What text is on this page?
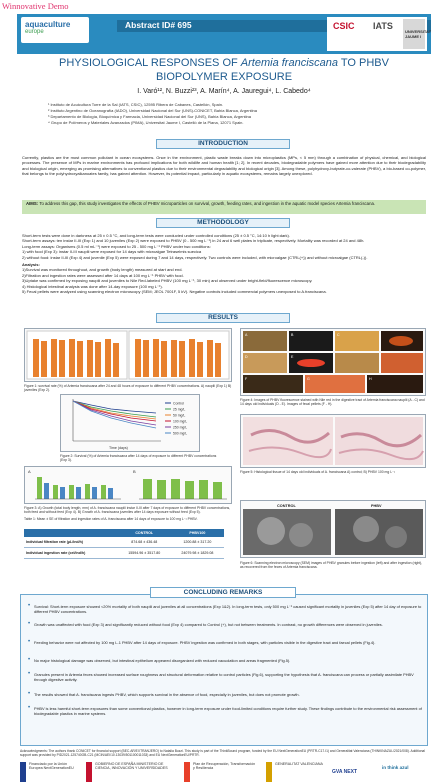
Winnovative Demo
aquaculture
europe
Abstract ID# 695	CSIC IATS
UNIVERSITAT JAUME I
PHYSIOLOGICAL RESPONSES OF Artemia franciscana TO PHBV BIOPOLYMER EXPOSURE
I. Varó¹², N. Buzzi²³, A. Marín⁴, A. Jauregui⁴, L. Cabedo⁴
¹ Instituto de Acuicultura Torre de la Sal (IATS, CSIC), 12595 Ribera de Cabanes, Castellón, Spain.
² Instituto Argentino de Oceanografía (IADO), Universidad Nacional del Sur (UNS)-CONICET, Bahía Blanca, Argentina
³ Departamento de Biología, Bioquímica y Farmacia, Universidad Nacional del Sur (UNS), Bahía Blanca, Argentina
⁴ Grupo de Polímeros y Materiales Avanzados (PIMA), Universitat Jaume I, Castelló de la Plana, 12071 Spain.
INTRODUCTION
Currently, plastics are the most common pollutant in ocean ecosystems. Once in the environment, plastic waste breaks down into microplastics (MPs, < 5 mm) through a combination of physical, chemical, and biological processes. The presence of MPs in marine environments has profound implications for both wildlife and human health [1; 2]. In recent decades, biodegradable polymers have gained more attention due to their biodegradability and biological origin, emerging as promising alternatives to conventional plastics due to their environmental degradability and biological origin [3]. Among these, polyhydroxy-butyrate-co-valerate (PHBV), a bio-based co-polymer, that belongs to the polyhydroxyalkanoates family, has gained attention. However, its potential impact, particularly in aquatic ecosystems, remains largely unexplored.
AIMS: To address this gap, this study investigates the effects of PHBV microparticles on survival, growth, feeding rates, and ingestion in the aquatic model species Artemia franciscana.
METHODOLOGY
Short-term tests were done in darkness at 25 ± 0.5 °C, and long-term tests were conducted under controlled conditions (25 ± 0.5 °C, 14:10 h light:dark).
Short-term assays: ten instar II-III (Exp 1) and 10 juveniles (Exp 2) were exposed to PHBV (0 - 500 mg L⁻¹) in 24 and 6 well plates in triplicate, respectively. Mortality was recorded at 24 and 48h.
Long-term assays: Organisms (0.5 ml mL⁻¹) were exposed to 25 - 500 mg L⁻¹ PHBV under two conditions:
1) with food (Exp 3): instar II-III nauplii were exposed for 14 days with microalgae Tetraselmis suecica
2) without food: instar II-III (Exp 4) and juvenile (Exp 5) were exposed during 7 and 14 days, respectively. Two controls were included, with microalgae (CTRL(+)) and without microalgae (CTRL(-)).
Analysis:
1)Survival was monitored throughout, and growth (body length) measured at start and end.
2)Filtration and ingestion rates were assessed after 14 days at 100 mg L⁻¹ PHBV with food.
3)Uptake was confirmed by exposing nauplii and juveniles to Nile Red-labeled PHBV (100 mg L⁻¹, 30 min) and observed under bright-field/fluorescence microscopy.
4) Histological intestinal analysis was done after 14-day exposure (100 mg L⁻¹).
5) Fecal pellets were analyzed using scanning electron microscopy (SEM; JEOL 7001F, 5 kV). Negative controls included commercial polymers unexposed to A.franciscana.
RESULTS
Figure 1: survival rate (%) of Artemia franciscana after 24 and 48 hours of exposure to different PHBV concentrations. A) nauplii (Exp 1) B) juveniles (Exp 2).
Time (days)
Control
25 mg/L
50 mg/L
100 mg/L
250 mg/L
500 mg/L
Figure 2: Survival (%) of Artemia franciscana after 14 days of exposure to different PHBV concentrations (Exp 3).
A	B
Figure 3: A) Growth (total body length, mm) of A. franciscana nauplii instar II-III after 7 days of exposure to different PHBV concentrations, both feed and without feed (Exp 4). B) Growth of A. franciscana juveniles after 14 days exposure without feed (Exp 5).
Table 1: Mean ± SE of filtration and ingestion rates of A. franciscana after 14 days of exposure to 100 mg L⁻¹ PHBV.
	CONTROL	PHBV100
Individual filtration rate (µL/ind/h)	874.68 ± 436.48	1200.88 ± 317.20
Individual ingestion rate (cel/ind/h)	15594.96 ± 3517.80	24079.98 ± 1829.08
A	B	C
D	E
F	G	H
Figure 4: Images of PHBV fluorescence stained with Nile red in the digestive tract of Artemia franciscana nauplii (A - C) and 14 days old individuals (D - E). Images of fecal pellets (F - H).
Figure 5: Histological tissue of 14 days old individuals of A. franciscana A) control; B) PHBV 100 mg L⁻¹
CONTROL	PHBV
Figure 6: Scanning electron microscopy (SEM) images of PHBV granules before ingestion (left) and after ingestion (right), as recovered from the feces of Artemia franciscana.
CONCLUDING REMARKS
• Survival: Short-term exposure showed <20% mortality of both nauplii and juveniles at all concentrations (Exp 1&2). In long-term tests, only 500 mg L⁻¹ caused significant mortality in juveniles (Exp 5) after 14 day of exposure to different PHBV concentrations.
• Growth was unaffected with food (Exp 3) and significantly reduced without food (Exp 4) compared to Control (+), but not between treatments. In contrast, no growth differences were observed in juveniles.
• Feeding behavior were not affected by 100 mg L-1 PHBV after 14 days of exposure. PHBV ingestion was confirmed in both stages, with particles visible in the digestive tract and faecal pellets (Fig.4).
• No major histological damage was observed, but intestinal epithelium appeared disorganized with reduced vacuolation and areas fragmented (Fig.5).
• Granules present in Artemia feces showed increased surface roughness and structural deformation relative to control particles (Fig.6), supporting the hypothesis that A. franciscana can process or partially assimilate PHBV through digestive activity.
• The results showed that A. franciscana ingests PHBV, which supports survival in the absence of food, especially in juveniles, but does not promote growth.
• PHBV is less harmful short-term exposures than some conventional plastics, however in long-term exposure under food-limited conditions require further study. These findings contribute to the environmental risk assessment of biodegradable plastics in marine systems.
Acknowledgments: The authors thank CONICET for financial support (BEC.AR/EXTRANJERO) to Natalia Buzzi. This study is part of the ThinkBound program, funded by the EU NextGenerationEU (PRTR-C17.I1) and Generalitat Valenciana (THINKINAZUL/2021/008). Additional support was provided by PID2021-125740OB-C21 (MCIN/AEI/10.13039/501100011033) and EU NextGenerationEU/PRTR.
Financiado por la Unión Europea NextGenerationEU
GOBIERNO DE ESPAÑA MINISTERIO DE CIENCIA, INNOVACIÓN Y UNIVERSIDADES
Plan de Recuperación, Transformación y Resiliencia
GENERALITAT VALENCIANA
GVA NEXT
in think azul
